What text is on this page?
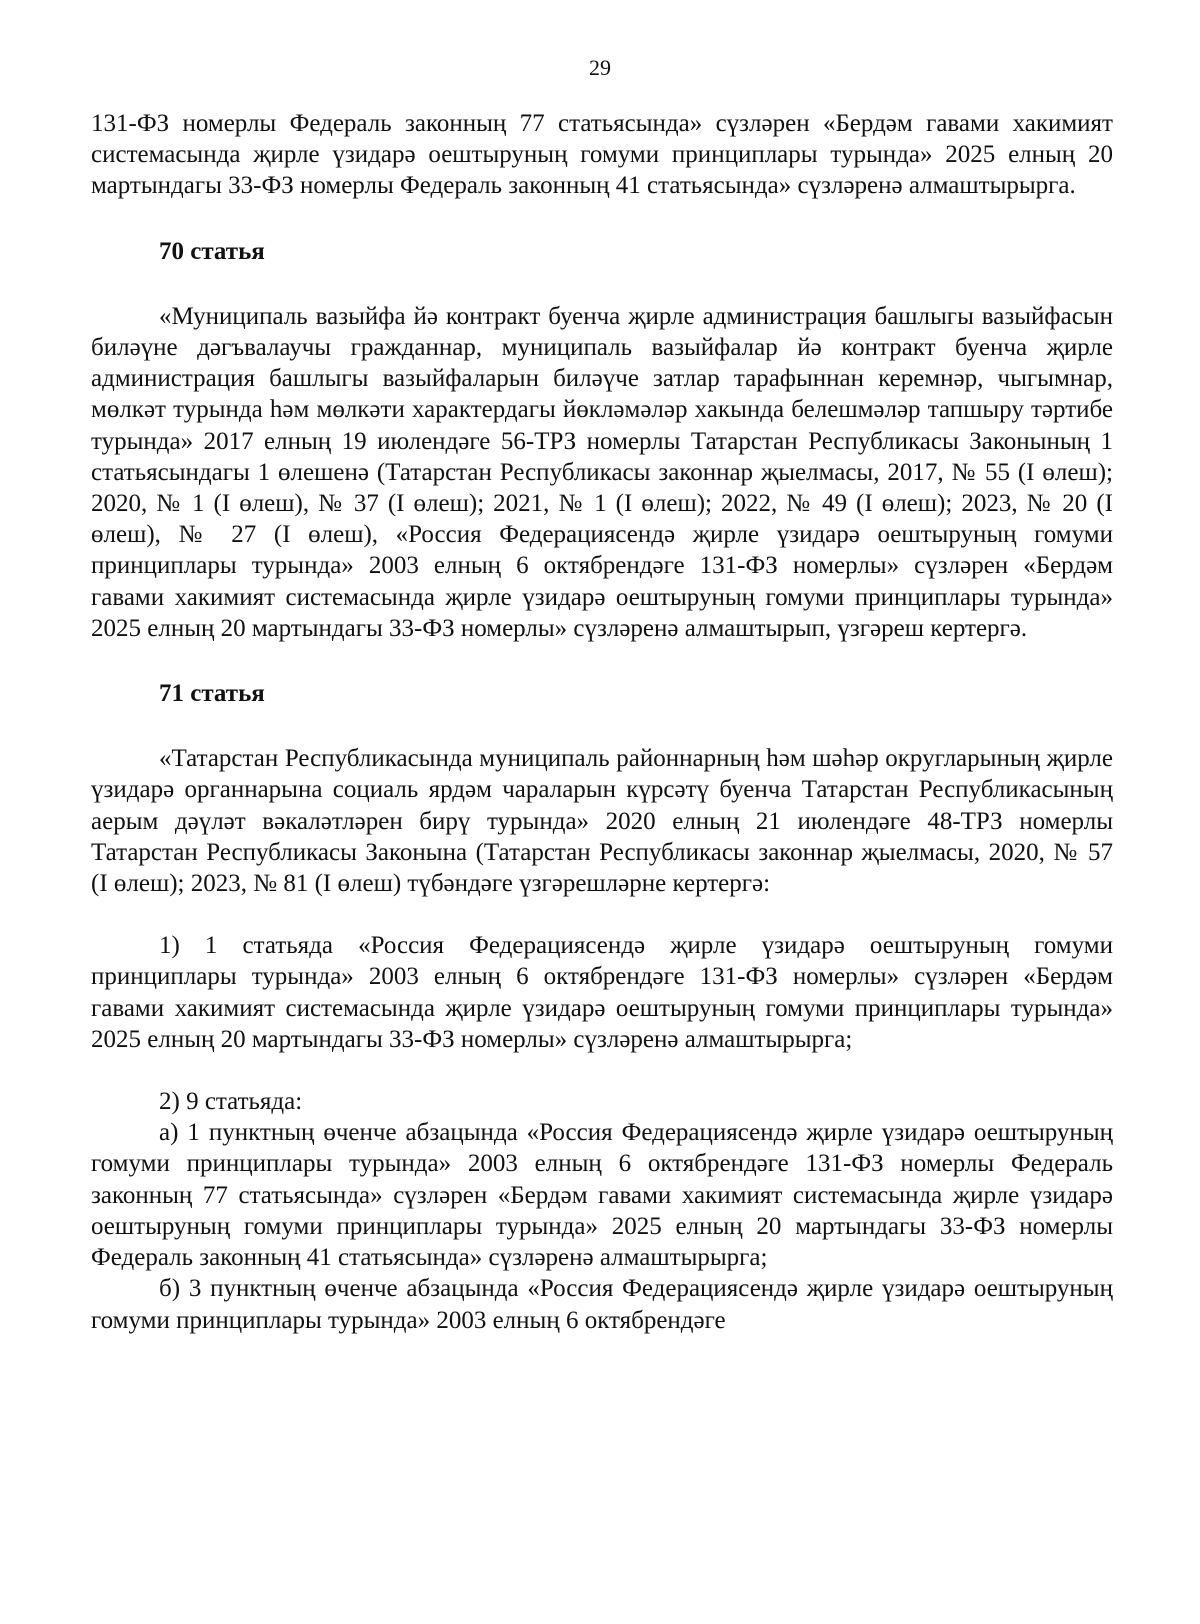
29

131-ФЗ номерлы Федераль законның 77 статьясында» сүзләрен «Бердәм гавами хакимият системасында җирле үзидарә оештыруның гомуми принциплары турында» 2025 елның 20 мартындагы 33-ФЗ номерлы Федераль законның 41 статьясында» сүзләренә алмаштырырга.

70 статья

«Муниципаль вазыйфа йә контракт буенча җирле администрация башлыгы вазыйфасын биләүне дәгъвалаучы гражданнар, муниципаль вазыйфалар йә контракт буенча җирле администрация башлыгы вазыйфаларын биләүче затлар тарафыннан керемнәр, чыгымнар, мөлкәт турында һәм мөлкәти характердагы йөкләмәләр хакында белешмәләр тапшыру тәртибе турында» 2017 елның 19 июлендәге 56-ТРЗ номерлы Татарстан Республикасы Законының 1 статьясындагы 1 өлешенә (Татарстан Республикасы законнар җыелмасы, 2017, № 55 (I өлеш); 2020, № 1 (I өлеш), № 37 (I өлеш); 2021, № 1 (I өлеш); 2022, № 49 (I өлеш); 2023, № 20 (I өлеш), № 27 (I өлеш), «Россия Федерациясендә җирле үзидарә оештыруның гомуми принциплары турында» 2003 елның 6 октябрендәге 131-ФЗ номерлы» сүзләрен «Бердәм гавами хакимият системасында җирле үзидарә оештыруның гомуми принциплары турында» 2025 елның 20 мартындагы 33-ФЗ номерлы» сүзләренә алмаштырып, үзгәреш кертергә.

71 статья

«Татарстан Республикасында муниципаль районнарның һәм шәһәр округларының җирле үзидарә органнарына социаль ярдәм чараларын күрсәтү буенча Татарстан Республикасының аерым дәүләт вәкаләтләрен бирү турында» 2020 елның 21 июлендәге 48-ТРЗ номерлы Татарстан Республикасы Законына (Татарстан Республикасы законнар җыелмасы, 2020, № 57 (I өлеш); 2023, № 81 (I өлеш) түбәндәге үзгәрешләрне кертергә:

1) 1 статьяда «Россия Федерациясендә җирле үзидарә оештыруның гомуми принциплары турында» 2003 елның 6 октябрендәге 131-ФЗ номерлы» сүзләрен «Бердәм гавами хакимият системасында җирле үзидарә оештыруның гомуми принциплары турында» 2025 елның 20 мартындагы 33-ФЗ номерлы» сүзләренә алмаштырырга;

2) 9 статьяда:

а) 1 пунктның өченче абзацында «Россия Федерациясендә җирле үзидарә оештыруның гомуми принциплары турында» 2003 елның 6 октябрендәге 131-ФЗ номерлы Федераль законның 77 статьясында» сүзләрен «Бердәм гавами хакимият системасында җирле үзидарә оештыруның гомуми принциплары турында» 2025 елның 20 мартындагы 33-ФЗ номерлы Федераль законның 41 статьясында» сүзләренә алмаштырырга;

б) 3 пунктның өченче абзацында «Россия Федерациясендә җирле үзидарә оештыруның гомуми принциплары турында» 2003 елның 6 октябрендәге
